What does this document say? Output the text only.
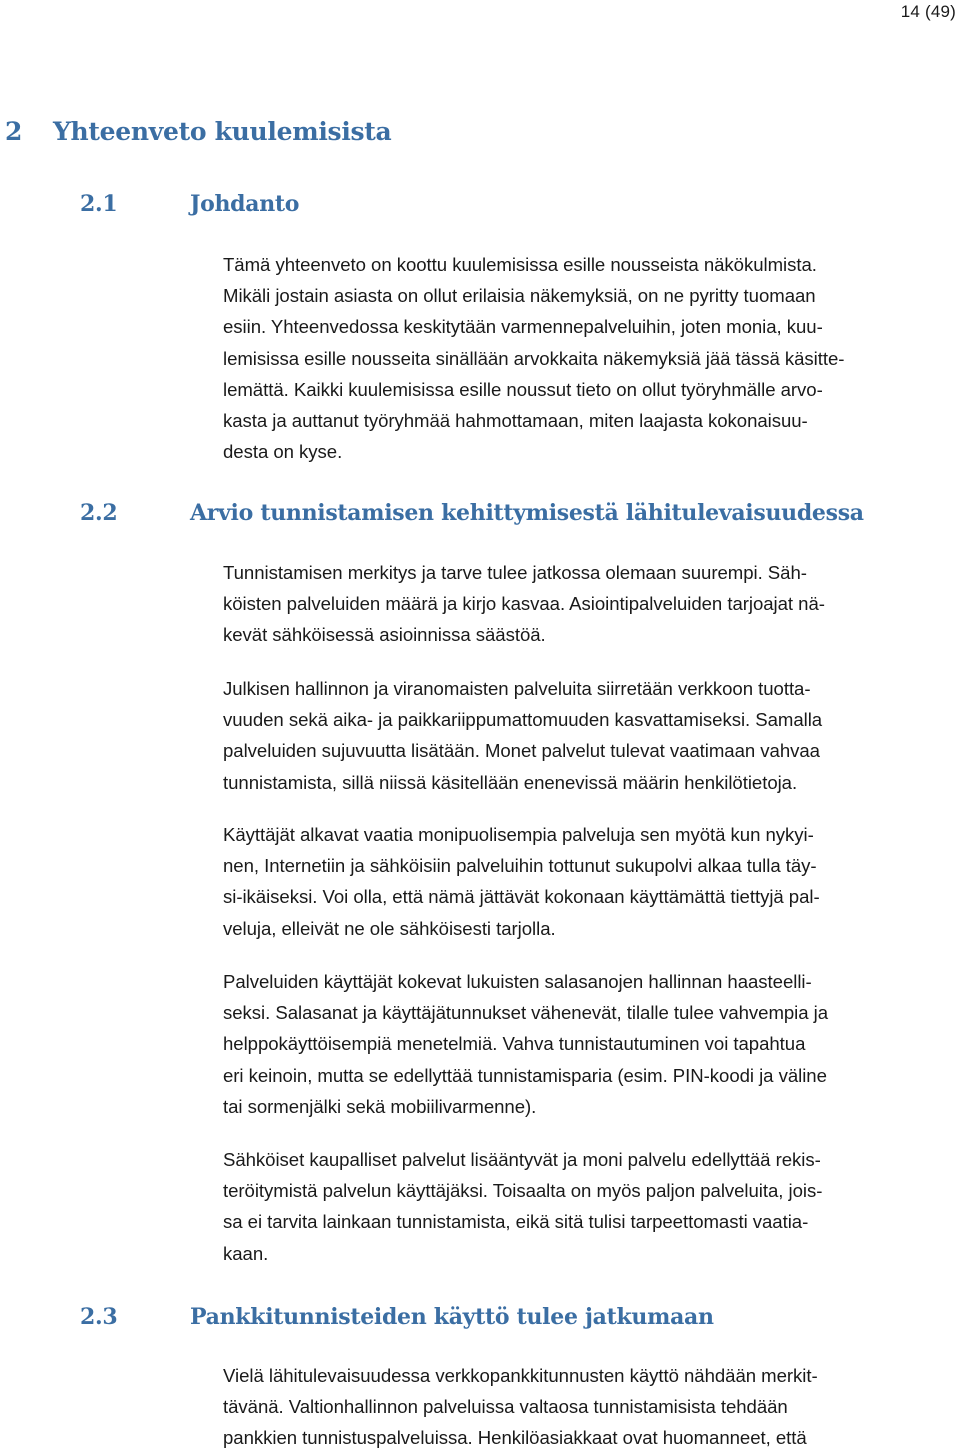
14 (49)
2 Yhteenveto kuulemisista
2.1	Johdanto

Tämä yhteenveto on koottu kuulemisissa esille nousseista näkökulmista.
Mikäli jostain asiasta on ollut erilaisia näkemyksiä, on ne pyritty tuomaan
esiin. Yhteenvedossa keskitytään varmennepalveluihin, joten monia, kuu-
lemisissa esille nousseita sinällään arvokkaita näkemyksiä jää tässä käsitte-
lemättä. Kaikki kuulemisissa esille noussut tieto on ollut työryhmälle arvo-
kasta ja auttanut työryhmää hahmottamaan, miten laajasta kokonaisuu-
desta on kyse.

2.2	Arvio tunnistamisen kehittymisestä lähitulevaisuudessa

Tunnistamisen merkitys ja tarve tulee jatkossa olemaan suurempi. Säh-
köisten palveluiden määrä ja kirjo kasvaa. Asiointipalveluiden tarjoajat nä-
kevät sähköisessä asioinnissa säästöä.

Julkisen hallinnon ja viranomaisten palveluita siirretään verkkoon tuotta-
vuuden sekä aika- ja paikkariippumattomuuden kasvattamiseksi. Samalla
palveluiden sujuvuutta lisätään. Monet palvelut tulevat vaatimaan vahvaa
tunnistamista, sillä niissä käsitellään enenevissä määrin henkilötietoja.

Käyttäjät alkavat vaatia monipuolisempia palveluja sen myötä kun nykyi-
nen, Internetiin ja sähköisiin palveluihin tottunut sukupolvi alkaa tulla täy-
si-ikäiseksi. Voi olla, että nämä jättävät kokonaan käyttämättä tiettyjä pal-
veluja, elleivät ne ole sähköisesti tarjolla.

Palveluiden käyttäjät kokevat lukuisten salasanojen hallinnan haasteelli-
seksi. Salasanat ja käyttäjätunnukset vähenevät, tilalle tulee vahvempia ja
helppokäyttöisempiä menetelmiä. Vahva tunnistautuminen voi tapahtua
eri keinoin, mutta se edellyttää tunnistamisparia (esim. PIN-koodi ja väline
tai sormenjälki sekä mobiilivarmenne).

Sähköiset kaupalliset palvelut lisääntyvät ja moni palvelu edellyttää rekis-
teröitymistä palvelun käyttäjäksi. Toisaalta on myös paljon palveluita, jois-
sa ei tarvita lainkaan tunnistamista, eikä sitä tulisi tarpeettomasti vaatia-
kaan.

2.3	Pankkitunnisteiden käyttö tulee jatkumaan

Vielä lähitulevaisuudessa verkkopankkitunnusten käyttö nähdään merkit-
tävänä. Valtionhallinnon palveluissa valtaosa tunnistamisista tehdään
pankkien tunnistuspalveluissa. Henkilöasiakkaat ovat huomanneet, että
